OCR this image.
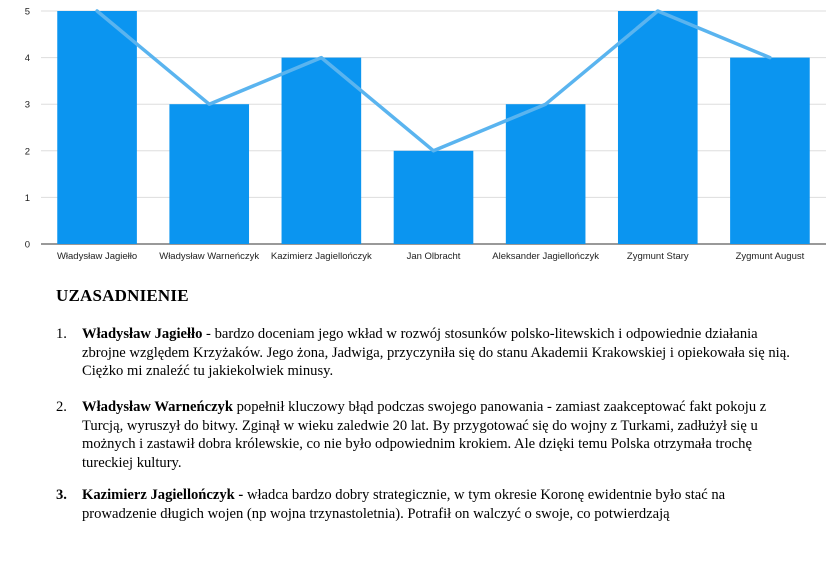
0
1
2
3
4
5
Władysław Jagiełło Władysław Warneńczyk Kazimierz Jagiellończyk	Jan Olbracht	Aleksander Jagiellończyk	Zygmunt Stary	Zygmunt August
UZASADNIENIE
1. Władysław Jagiełło - bardzo doceniam jego wkład w rozwój stosunków polsko-litewskich i odpowiednie działania zbrojne względem Krzyżaków. Jego żona, Jadwiga, przyczyniła się do stanu Akademii Krakowskiej i opiekowała się nią. Ciężko mi znaleźć tu jakiekolwiek minusy.
2. Władysław Warneńczyk popełnił kluczowy błąd podczas swojego panowania - zamiast zaakceptować fakt pokoju z Turcją, wyruszył do bitwy. Zginął w wieku zaledwie 20 lat. By przygotować się do wojny z Turkami, zadłużył się u możnych i zastawił dobra królewskie, co nie było odpowiednim krokiem. Ale dzięki temu Polska otrzymała trochę tureckiej kultury.
3. Kazimierz Jagiellończyk - władca bardzo dobry strategicznie, w tym okresie Koronę ewidentnie było stać na prowadzenie długich wojen (np wojna trzynastoletnia). Potrafił on walczyć o swoje, co potwierdzają
